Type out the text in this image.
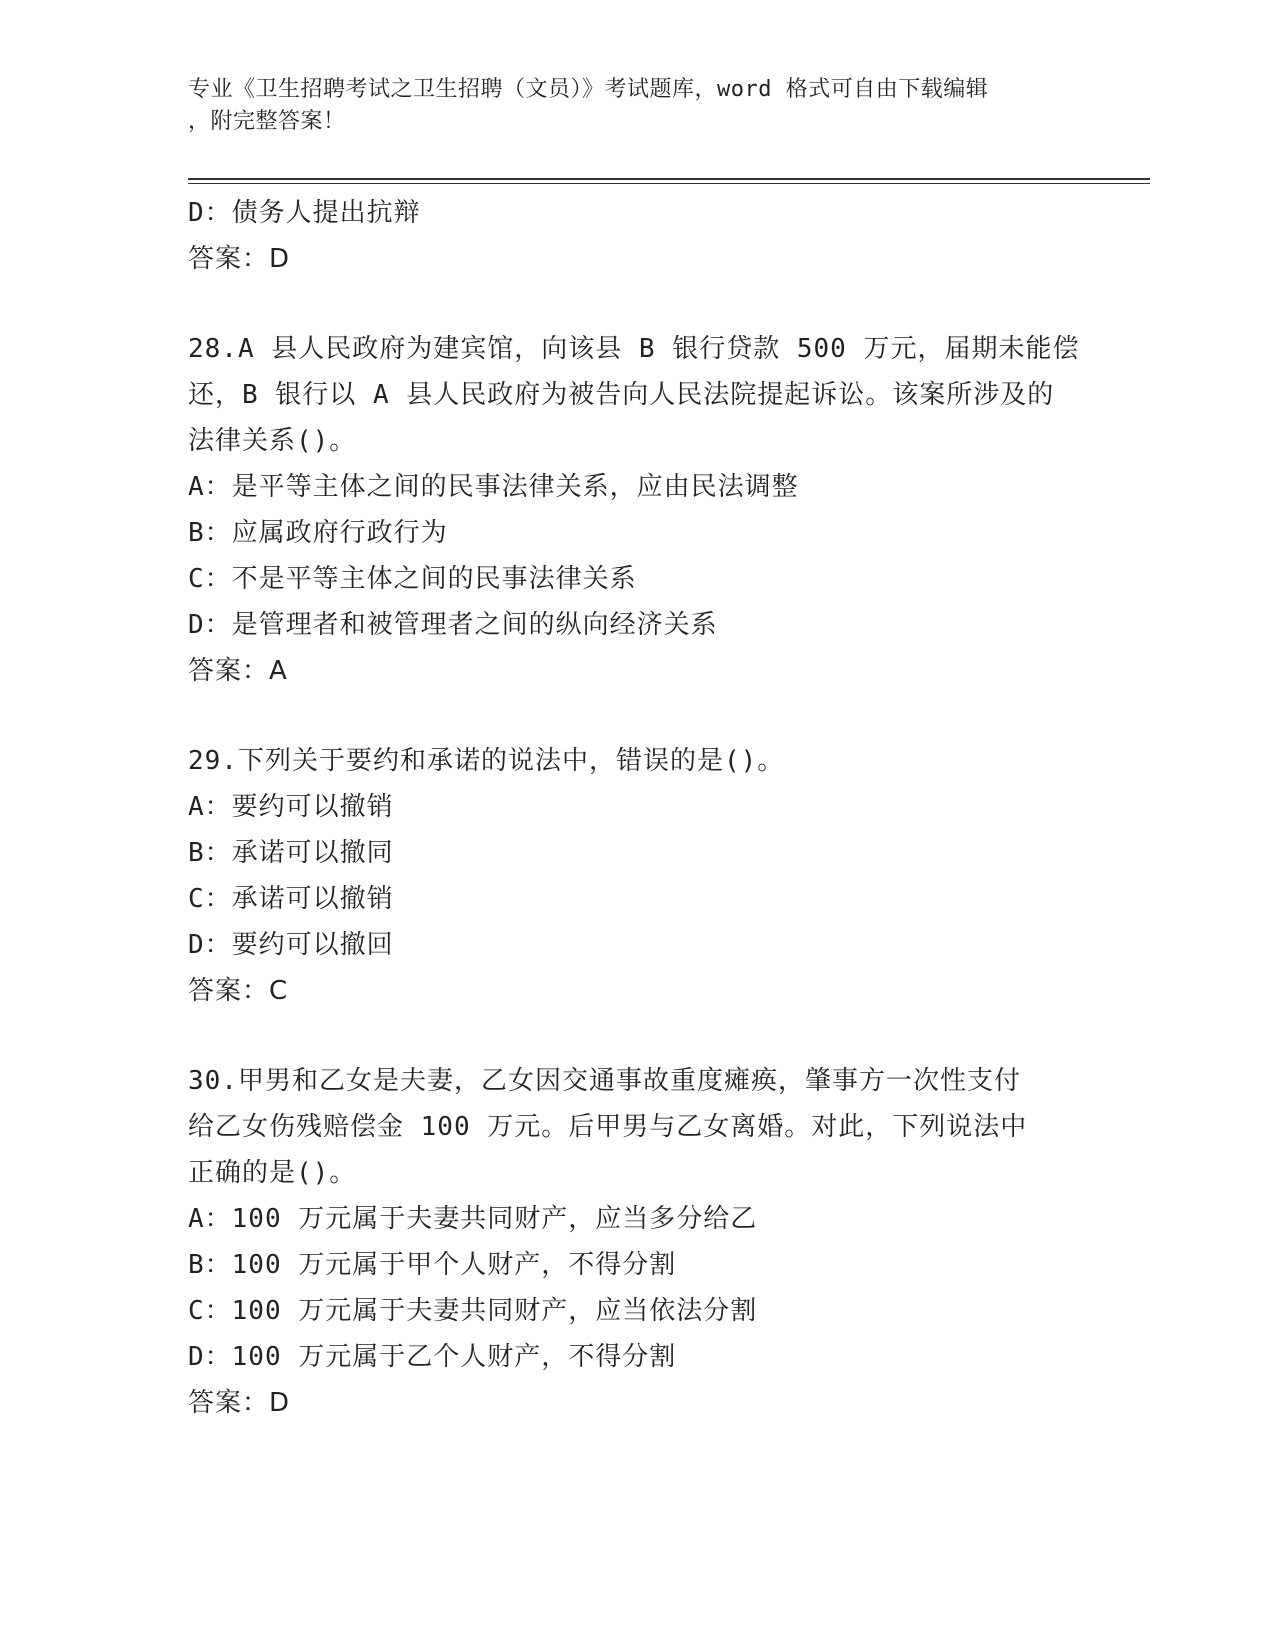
专业《卫生招聘考试之卫生招聘（文员）》考试题库，word 格式可自由下载编辑
，附完整答案！
D：债务人提出抗辩
答案：D
28.A 县人民政府为建宾馆，向该县 B 银行贷款 500 万元，届期未能偿
还，B 银行以 A 县人民政府为被告向人民法院提起诉讼。该案所涉及的
法律关系()。
A：是平等主体之间的民事法律关系，应由民法调整
B：应属政府行政行为
C：不是平等主体之间的民事法律关系
D：是管理者和被管理者之间的纵向经济关系
答案：A
29.下列关于要约和承诺的说法中，错误的是()。
A：要约可以撤销
B：承诺可以撤同
C：承诺可以撤销
D：要约可以撤回
答案：C
30.甲男和乙女是夫妻，乙女因交通事故重度瘫痪，肇事方一次性支付
给乙女伤残赔偿金 100 万元。后甲男与乙女离婚。对此，下列说法中
正确的是()。
A：100 万元属于夫妻共同财产，应当多分给乙
B：100 万元属于甲个人财产，不得分割
C：100 万元属于夫妻共同财产，应当依法分割
D：100 万元属于乙个人财产，不得分割
答案：D
